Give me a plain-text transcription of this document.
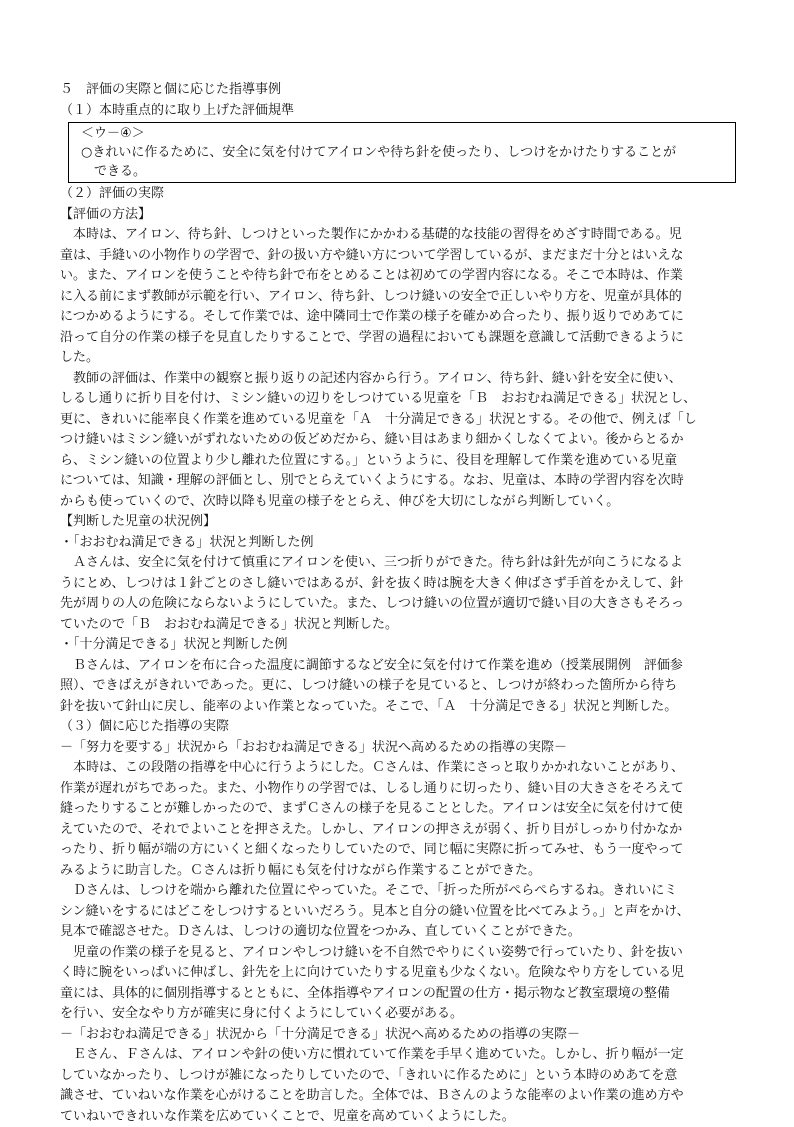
５　評価の実際と個に応じた指導事例
（１）本時重点的に取り上げた評価規準
＜ウ－④＞
○きれいに作るために、安全に気を付けてアイロンや待ち針を使ったり、しつけをかけたりすることが
　できる。
（２）評価の実際
【評価の方法】
　本時は、アイロン、待ち針、しつけといった製作にかかわる基礎的な技能の習得をめざす時間である。児
童は、手縫いの小物作りの学習で、針の扱い方や縫い方について学習しているが、まだまだ十分とはいえな
い。また、アイロンを使うことや待ち針で布をとめることは初めての学習内容になる。そこで本時は、作業
に入る前にまず教師が示範を行い、アイロン、待ち針、しつけ縫いの安全で正しいやり方を、児童が具体的
につかめるようにする。そして作業では、途中隣同士で作業の様子を確かめ合ったり、振り返りでめあてに
沿って自分の作業の様子を見直したりすることで、学習の過程においても課題を意識して活動できるように
した。
　教師の評価は、作業中の観察と振り返りの記述内容から行う。アイロン、待ち針、縫い針を安全に使い、
しるし通りに折り目を付け、ミシン縫いの辺りをしつけている児童を「Ｂ　おおむね満足できる」状況とし、
更に、きれいに能率良く作業を進めている児童を「Ａ　十分満足できる」状況とする。その他で、例えば「し
つけ縫いはミシン縫いがずれないための仮どめだから、縫い目はあまり細かくしなくてよい。後からとるか
ら、ミシン縫いの位置より少し離れた位置にする。」というように、役目を理解して作業を進めている児童
については、知識・理解の評価とし、別でとらえていくようにする。なお、児童は、本時の学習内容を次時
からも使っていくので、次時以降も児童の様子をとらえ、伸びを大切にしながら判断していく。
【判断した児童の状況例】
・「おおむね満足できる」状況と判断した例
　Ａさんは、安全に気を付けて慎重にアイロンを使い、三つ折りができた。待ち針は針先が向こうになるよ
うにとめ、しつけは１針ごとのさし縫いではあるが、針を抜く時は腕を大きく伸ばさず手首をかえして、針
先が周りの人の危険にならないようにしていた。また、しつけ縫いの位置が適切で縫い目の大きさもそろっ
ていたので「Ｂ　おおむね満足できる」状況と判断した。
・「十分満足できる」状況と判断した例
　Ｂさんは、アイロンを布に合った温度に調節するなど安全に気を付けて作業を進め（授業展開例　評価参
照）、できばえがきれいであった。更に、しつけ縫いの様子を見ていると、しつけが終わった箇所から待ち
針を抜いて針山に戻し、能率のよい作業となっていた。そこで、「Ａ　十分満足できる」状況と判断した。
（３）個に応じた指導の実際
－「努力を要する」状況から「おおむね満足できる」状況へ高めるための指導の実際－
　本時は、この段階の指導を中心に行うようにした。Ｃさんは、作業にさっと取りかかれないことがあり、
作業が遅れがちであった。また、小物作りの学習では、しるし通りに切ったり、縫い目の大きさをそろえて
縫ったりすることが難しかったので、まずＣさんの様子を見ることとした。アイロンは安全に気を付けて使
えていたので、それでよいことを押さえた。しかし、アイロンの押さえが弱く、折り目がしっかり付かなか
ったり、折り幅が端の方にいくと細くなったりしていたので、同じ幅に実際に折ってみせ、もう一度やって
みるように助言した。Ｃさんは折り幅にも気を付けながら作業することができた。
　Ｄさんは、しつけを端から離れた位置にやっていた。そこで、「折った所がぺらぺらするね。きれいにミ
シン縫いをするにはどこをしつけするといいだろう。見本と自分の縫い位置を比べてみよう。」と声をかけ、
見本で確認させた。Ｄさんは、しつけの適切な位置をつかみ、直していくことができた。
　児童の作業の様子を見ると、アイロンやしつけ縫いを不自然でやりにくい姿勢で行っていたり、針を抜い
く時に腕をいっぱいに伸ばし、針先を上に向けていたりする児童も少なくない。危険なやり方をしている児
童には、具体的に個別指導するとともに、全体指導やアイロンの配置の仕方・掲示物など教室環境の整備
を行い、安全なやり方が確実に身に付くようにしていく必要がある。
－「おおむね満足できる」状況から「十分満足できる」状況へ高めるための指導の実際－
　Ｅさん、Ｆさんは、アイロンや針の使い方に慣れていて作業を手早く進めていた。しかし、折り幅が一定
していなかったり、しつけが雑になったりしていたので、「きれいに作るために」という本時のめあてを意
識させ、ていねいな作業を心がけることを助言した。全体では、Ｂさんのような能率のよい作業の進め方や
ていねいできれいな作業を広めていくことで、児童を高めていくようにした。
